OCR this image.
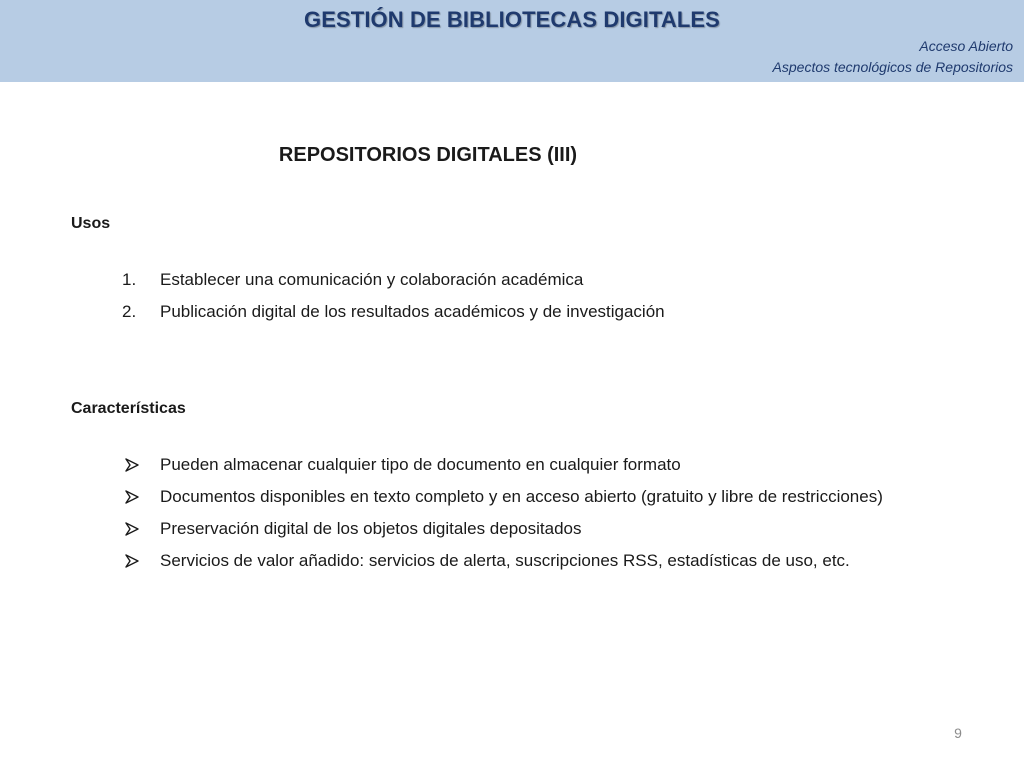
GESTIÓN DE BIBLIOTECAS DIGITALES
Acceso Abierto
Aspectos tecnológicos de Repositorios
REPOSITORIOS DIGITALES (III)
Usos
1. Establecer una comunicación y colaboración académica
2. Publicación digital de los resultados académicos y de investigación
Características
Pueden almacenar cualquier tipo de documento en cualquier formato
Documentos disponibles en texto completo y en acceso abierto (gratuito y libre de restricciones)
Preservación digital de los objetos digitales depositados
Servicios de valor añadido: servicios de alerta, suscripciones RSS, estadísticas de uso, etc.
9
